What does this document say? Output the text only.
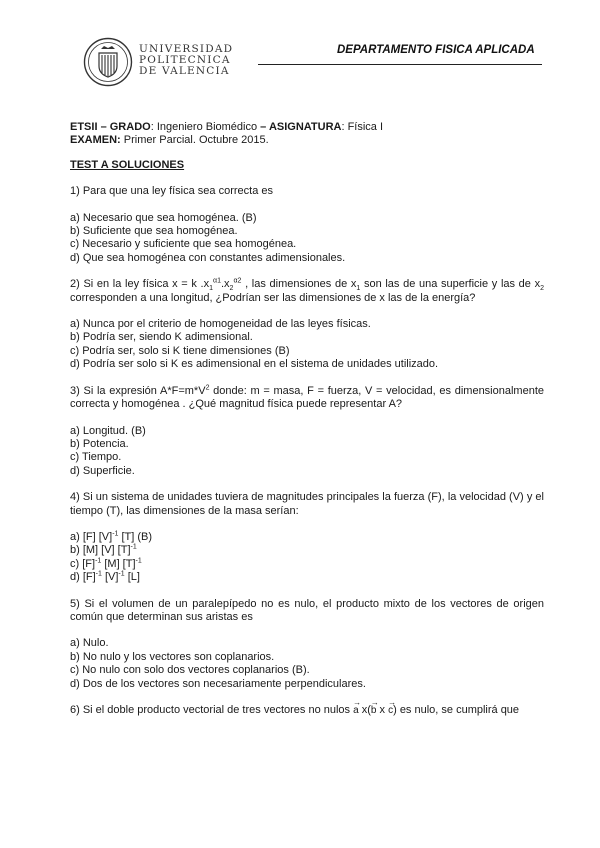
UNIVERSIDAD
POLITECNICA
DE VALENCIA
DEPARTAMENTO FISICA APLICADA

ETSII – GRADO: Ingeniero Biomédico – ASIGNATURA: Física I

EXAMEN: Primer Parcial. Octubre 2015.

TEST A SOLUCIONES

1) Para que una ley física sea correcta es

a) Necesario que sea homogénea. (B)

b) Suficiente que sea homogénea.

c) Necesario y suficiente que sea homogénea.

d) Que sea homogénea con constantes adimensionales.

2) Si en la ley física x = k $.x_1^{\alpha 1}.x_2^{\alpha 2}$ , las dimensiones de $x_1$ son las de una superficie y las de $x_2$ corresponden a una longitud, ¿Podrían ser las dimensiones de x las de la energía?

a) Nunca por el criterio de homogeneidad de las leyes físicas.

b) Podría ser, siendo K adimensional.

c) Podría ser, solo si K tiene dimensiones (B)

d) Podría ser solo si K es adimensional en el sistema de unidades utilizado.

3) Si la expresión $A*F=m*V^2$ donde: m = masa, F = fuerza, V = velocidad, es dimensionalmente correcta y homogénea . ¿Qué magnitud física puede representar A?

a) Longitud. (B)

b) Potencia.

c) Tiempo.

d) Superficie.

4) Si un sistema de unidades tuviera de magnitudes principales la fuerza (F), la velocidad (V) y el tiempo (T), las dimensiones de la masa serían:

a) [F] $[V]^{-1}$ [T] (B)

b) [M] [V] $[T]^{-1}$

c) $[F]^{-1}$ [M] $[T]^{-1}$

d) $[F]^{-1}$ $[V]^{-1}$ [L]

5) Si el volumen de un paralepípedo no es nulo, el producto mixto de los vectores de origen común que determinan sus aristas es

a) Nulo.

b) No nulo y los vectores son coplanarios.

c) No nulo con solo dos vectores coplanarios (B).

d) Dos de los vectores son necesariamente perpendiculares.

6) Si el doble producto vectorial de tres vectores no nulos → a x(→ b x → c) es nulo, se cumplirá que
